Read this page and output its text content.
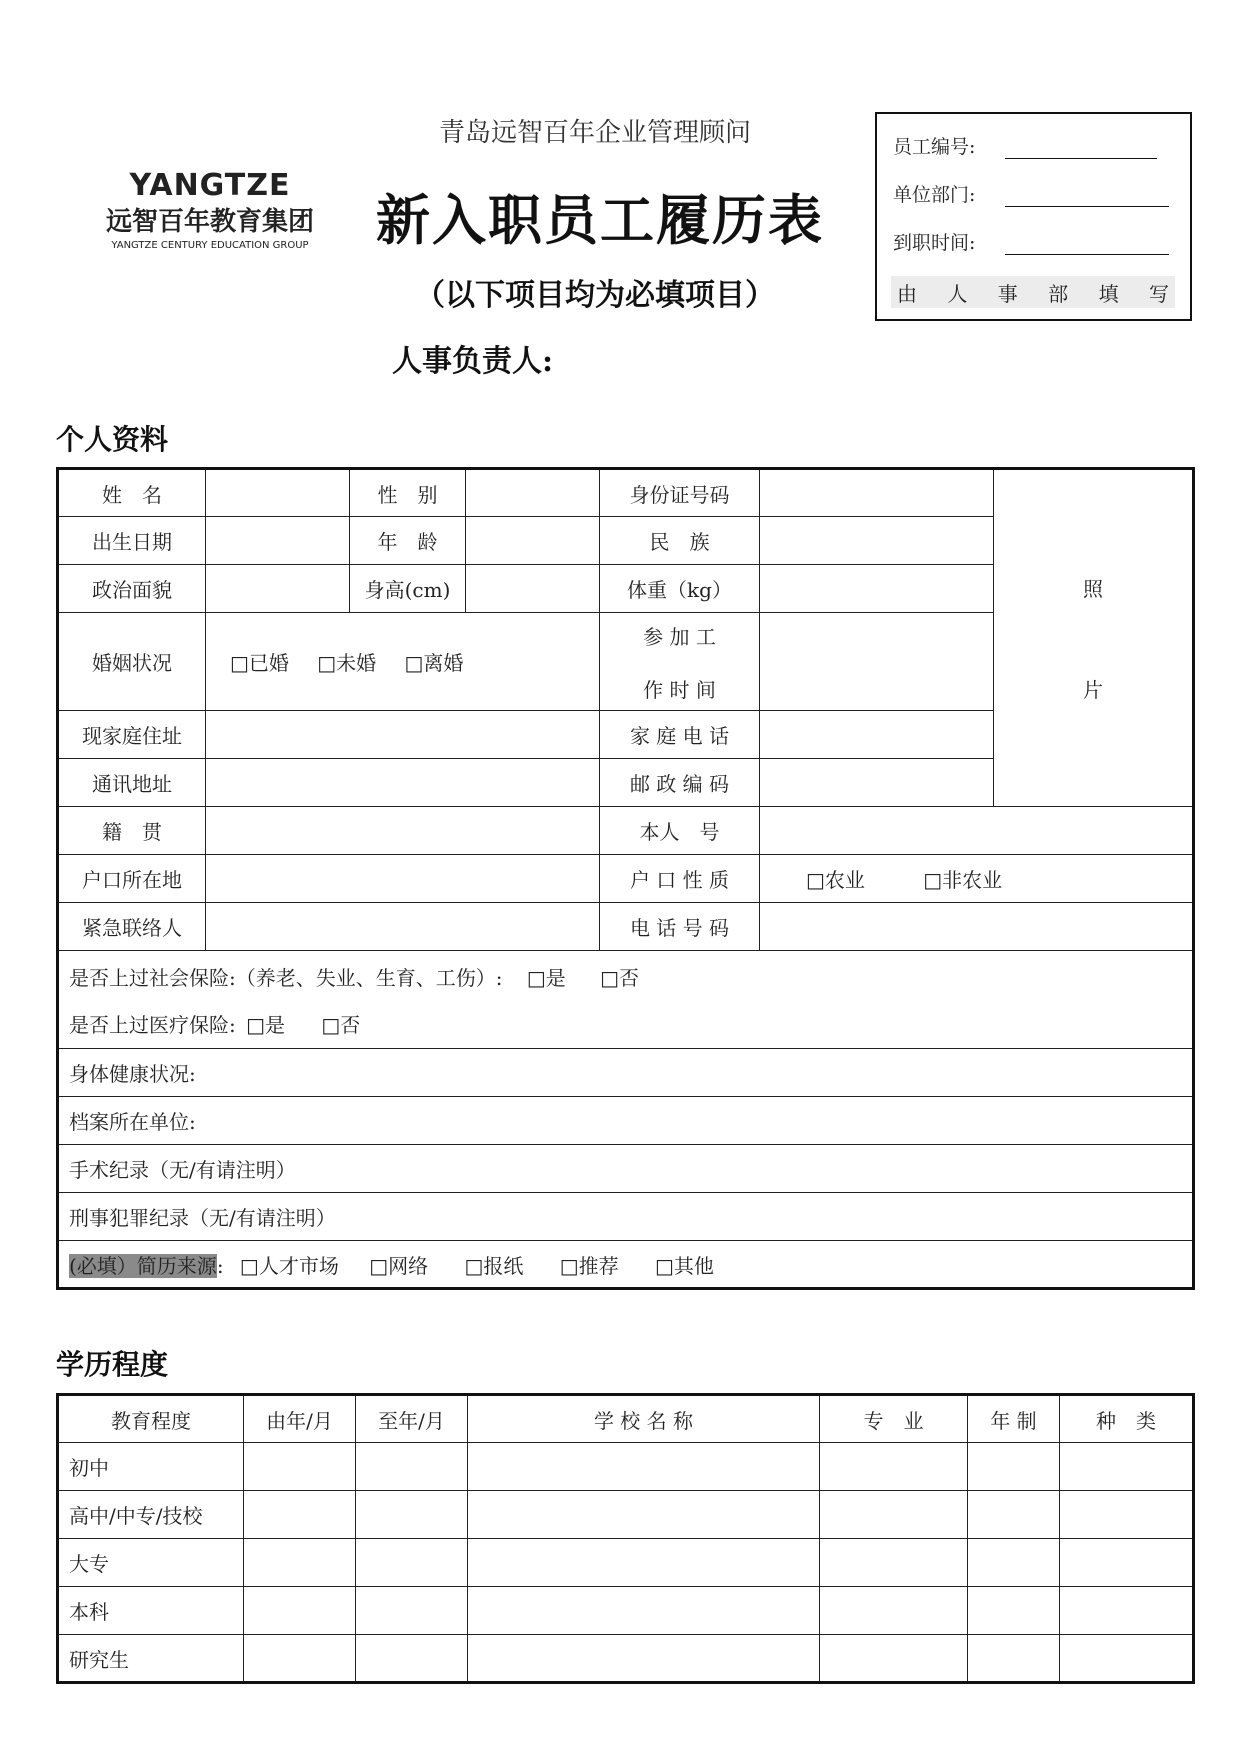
YANGTZE
远智百年教育集团
YANGTZE CENTURY EDUCATION GROUP
青岛远智百年企业管理顾问
新入职员工履历表
（以下项目均为必填项目）
人事负责人:
员工编号:
单位部门:
到职时间:
由 人 事 部 填 写
个人资料
姓　名		性　别		身份证号码		照
片

出生日期		年　龄		民　族		
政治面貌		身高(cm)		体重（kg）		
婚姻状况	□已婚 □未婚 □离婚			参 加 工
作 时 间		

现家庭住址				家 庭 电 话		
通讯地址				邮 政 编 码		
籍　贯				本人　号		
户口所在地				户 口 性 质	□农业 □非农业	
紧急联络人				电 话 号 码		

是否上过社会保险:（养老、失业、生育、工伤）: □是 □否
是否上过医疗保险: □是 □否						

身体健康状况:						
档案所在单位:						
手术纪录（无/有请注明）						
刑事犯罪纪录（无/有请注明）						
(必填）简历来源: □人才市场 □网络 □报纸 □推荐 □其他						
学历程度
教育程度	由年/月	至年/月	学 校 名 称	专　业	年 制	种　类
初中						
高中/中专/技校						
大专						
本科						
研究生						
